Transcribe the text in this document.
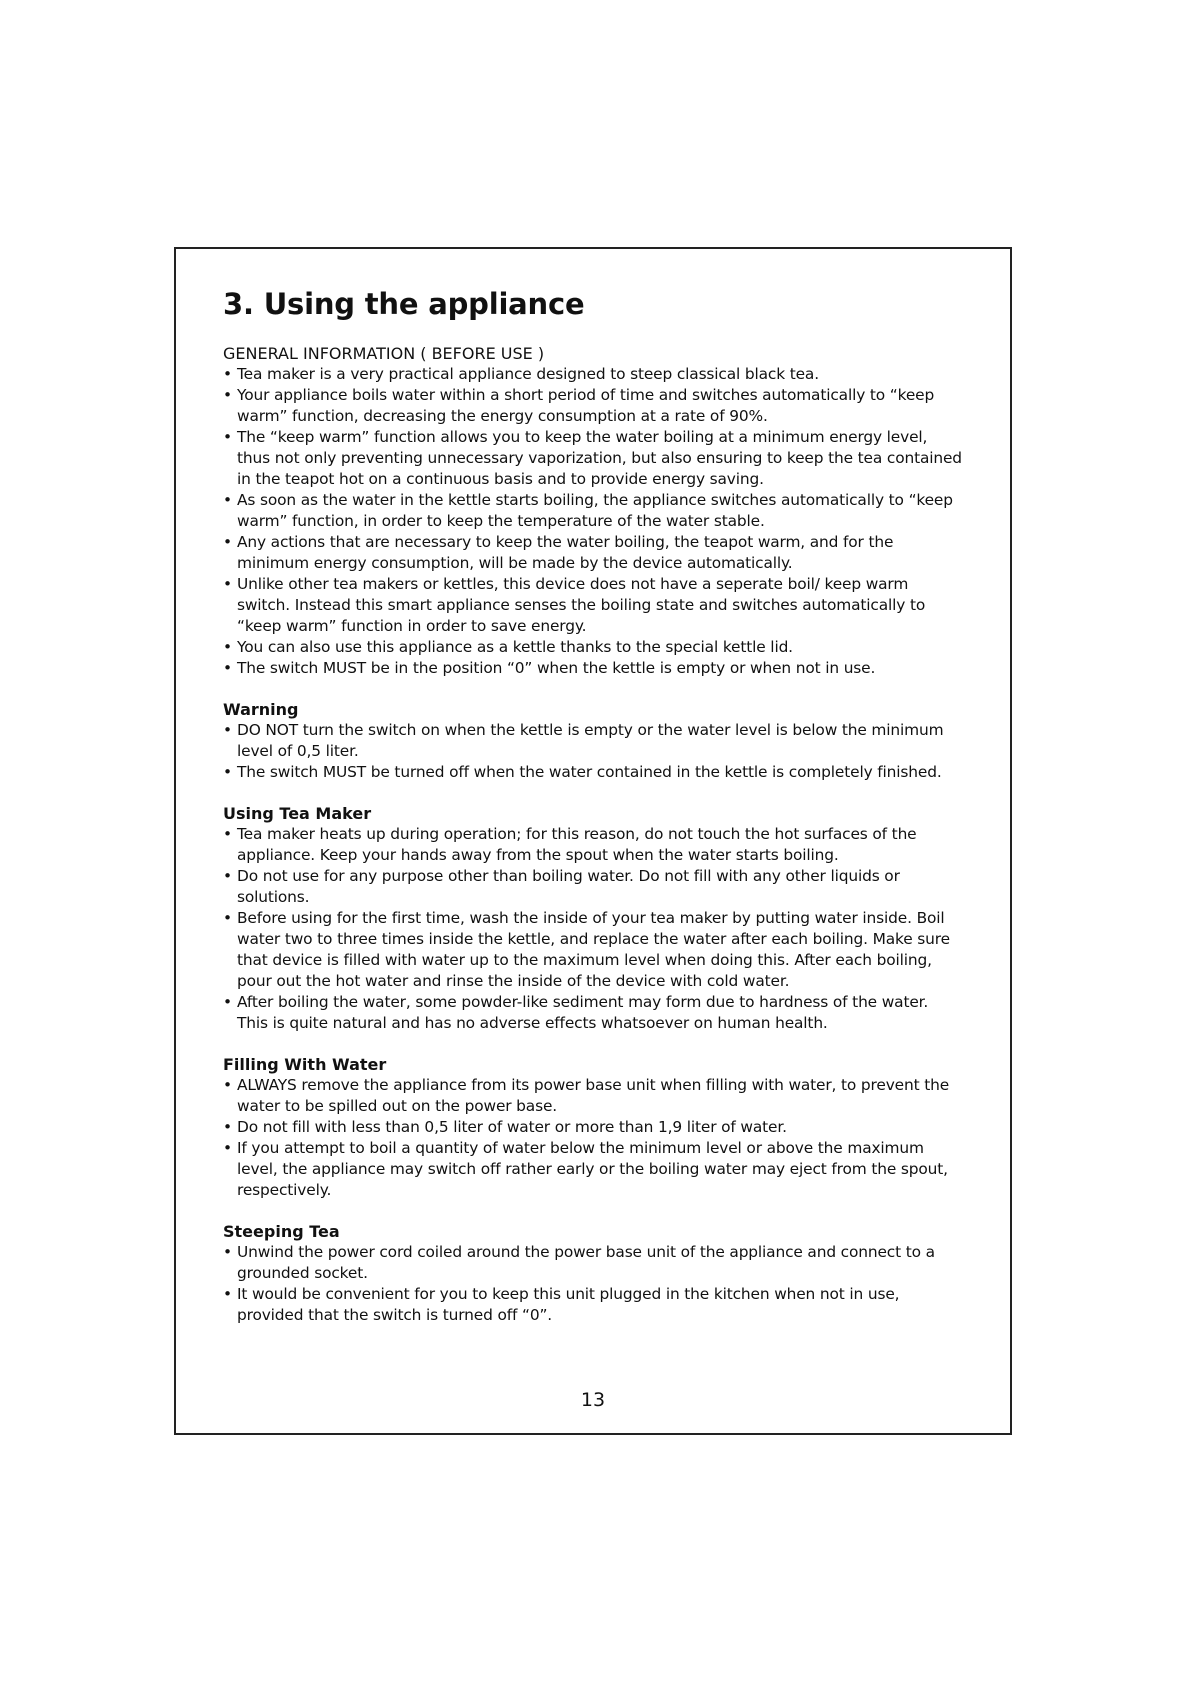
3. Using the appliance
GENERAL INFORMATION ( BEFORE USE )
• Tea maker is a very practical appliance designed to steep classical black tea.
• Your appliance boils water within a short period of time and switches automatically to “keep warm” function, decreasing the energy consumption at a rate of 90%.
• The “keep warm” function allows you to keep the water boiling at a minimum energy level, thus not only preventing unnecessary vaporization, but also ensuring to keep the tea contained in the teapot hot on a continuous basis and to provide energy saving.
• As soon as the water in the kettle starts boiling, the appliance switches automatically to “keep warm” function, in order to keep the temperature of the water stable.
• Any actions that are necessary to keep the water boiling, the teapot warm, and for the minimum energy consumption, will be made by the device automatically.
• Unlike other tea makers or kettles, this device does not have a seperate boil/ keep warm switch. Instead this smart appliance senses the boiling state and switches automatically to “keep warm” function in order to save energy.
• You can also use this appliance as a kettle thanks to the special kettle lid.
• The switch MUST be in the position “0” when the kettle is empty or when not in use.
Warning
• DO NOT turn the switch on when the kettle is empty or the water level is below the minimum level of 0,5 liter.
• The switch MUST be turned off when the water contained in the kettle is completely finished.
Using Tea Maker
• Tea maker heats up during operation; for this reason, do not touch the hot surfaces of the appliance. Keep your hands away from the spout when the water starts boiling.
• Do not use for any purpose other than boiling water. Do not fill with any other liquids or solutions.
• Before using for the first time, wash the inside of your tea maker by putting water inside. Boil water two to three times inside the kettle, and replace the water after each boiling. Make sure that device is filled with water up to the maximum level when doing this. After each boiling, pour out the hot water and rinse the inside of the device with cold water.
• After boiling the water, some powder-like sediment may form due to hardness of the water. This is quite natural and has no adverse effects whatsoever on human health.
Filling With Water
• ALWAYS remove the appliance from its power base unit when filling with water, to prevent the water to be spilled out on the power base.
• Do not fill with less than 0,5 liter of water or more than 1,9 liter of water.
• If you attempt to boil a quantity of water below the minimum level or above the maximum level, the appliance may switch off rather early or the boiling water may eject from the spout, respectively.
Steeping Tea
• Unwind the power cord coiled around the power base unit of the appliance and connect to a grounded socket.
• It would be convenient for you to keep this unit plugged in the kitchen when not in use, provided that the switch is turned off “0”.
13
